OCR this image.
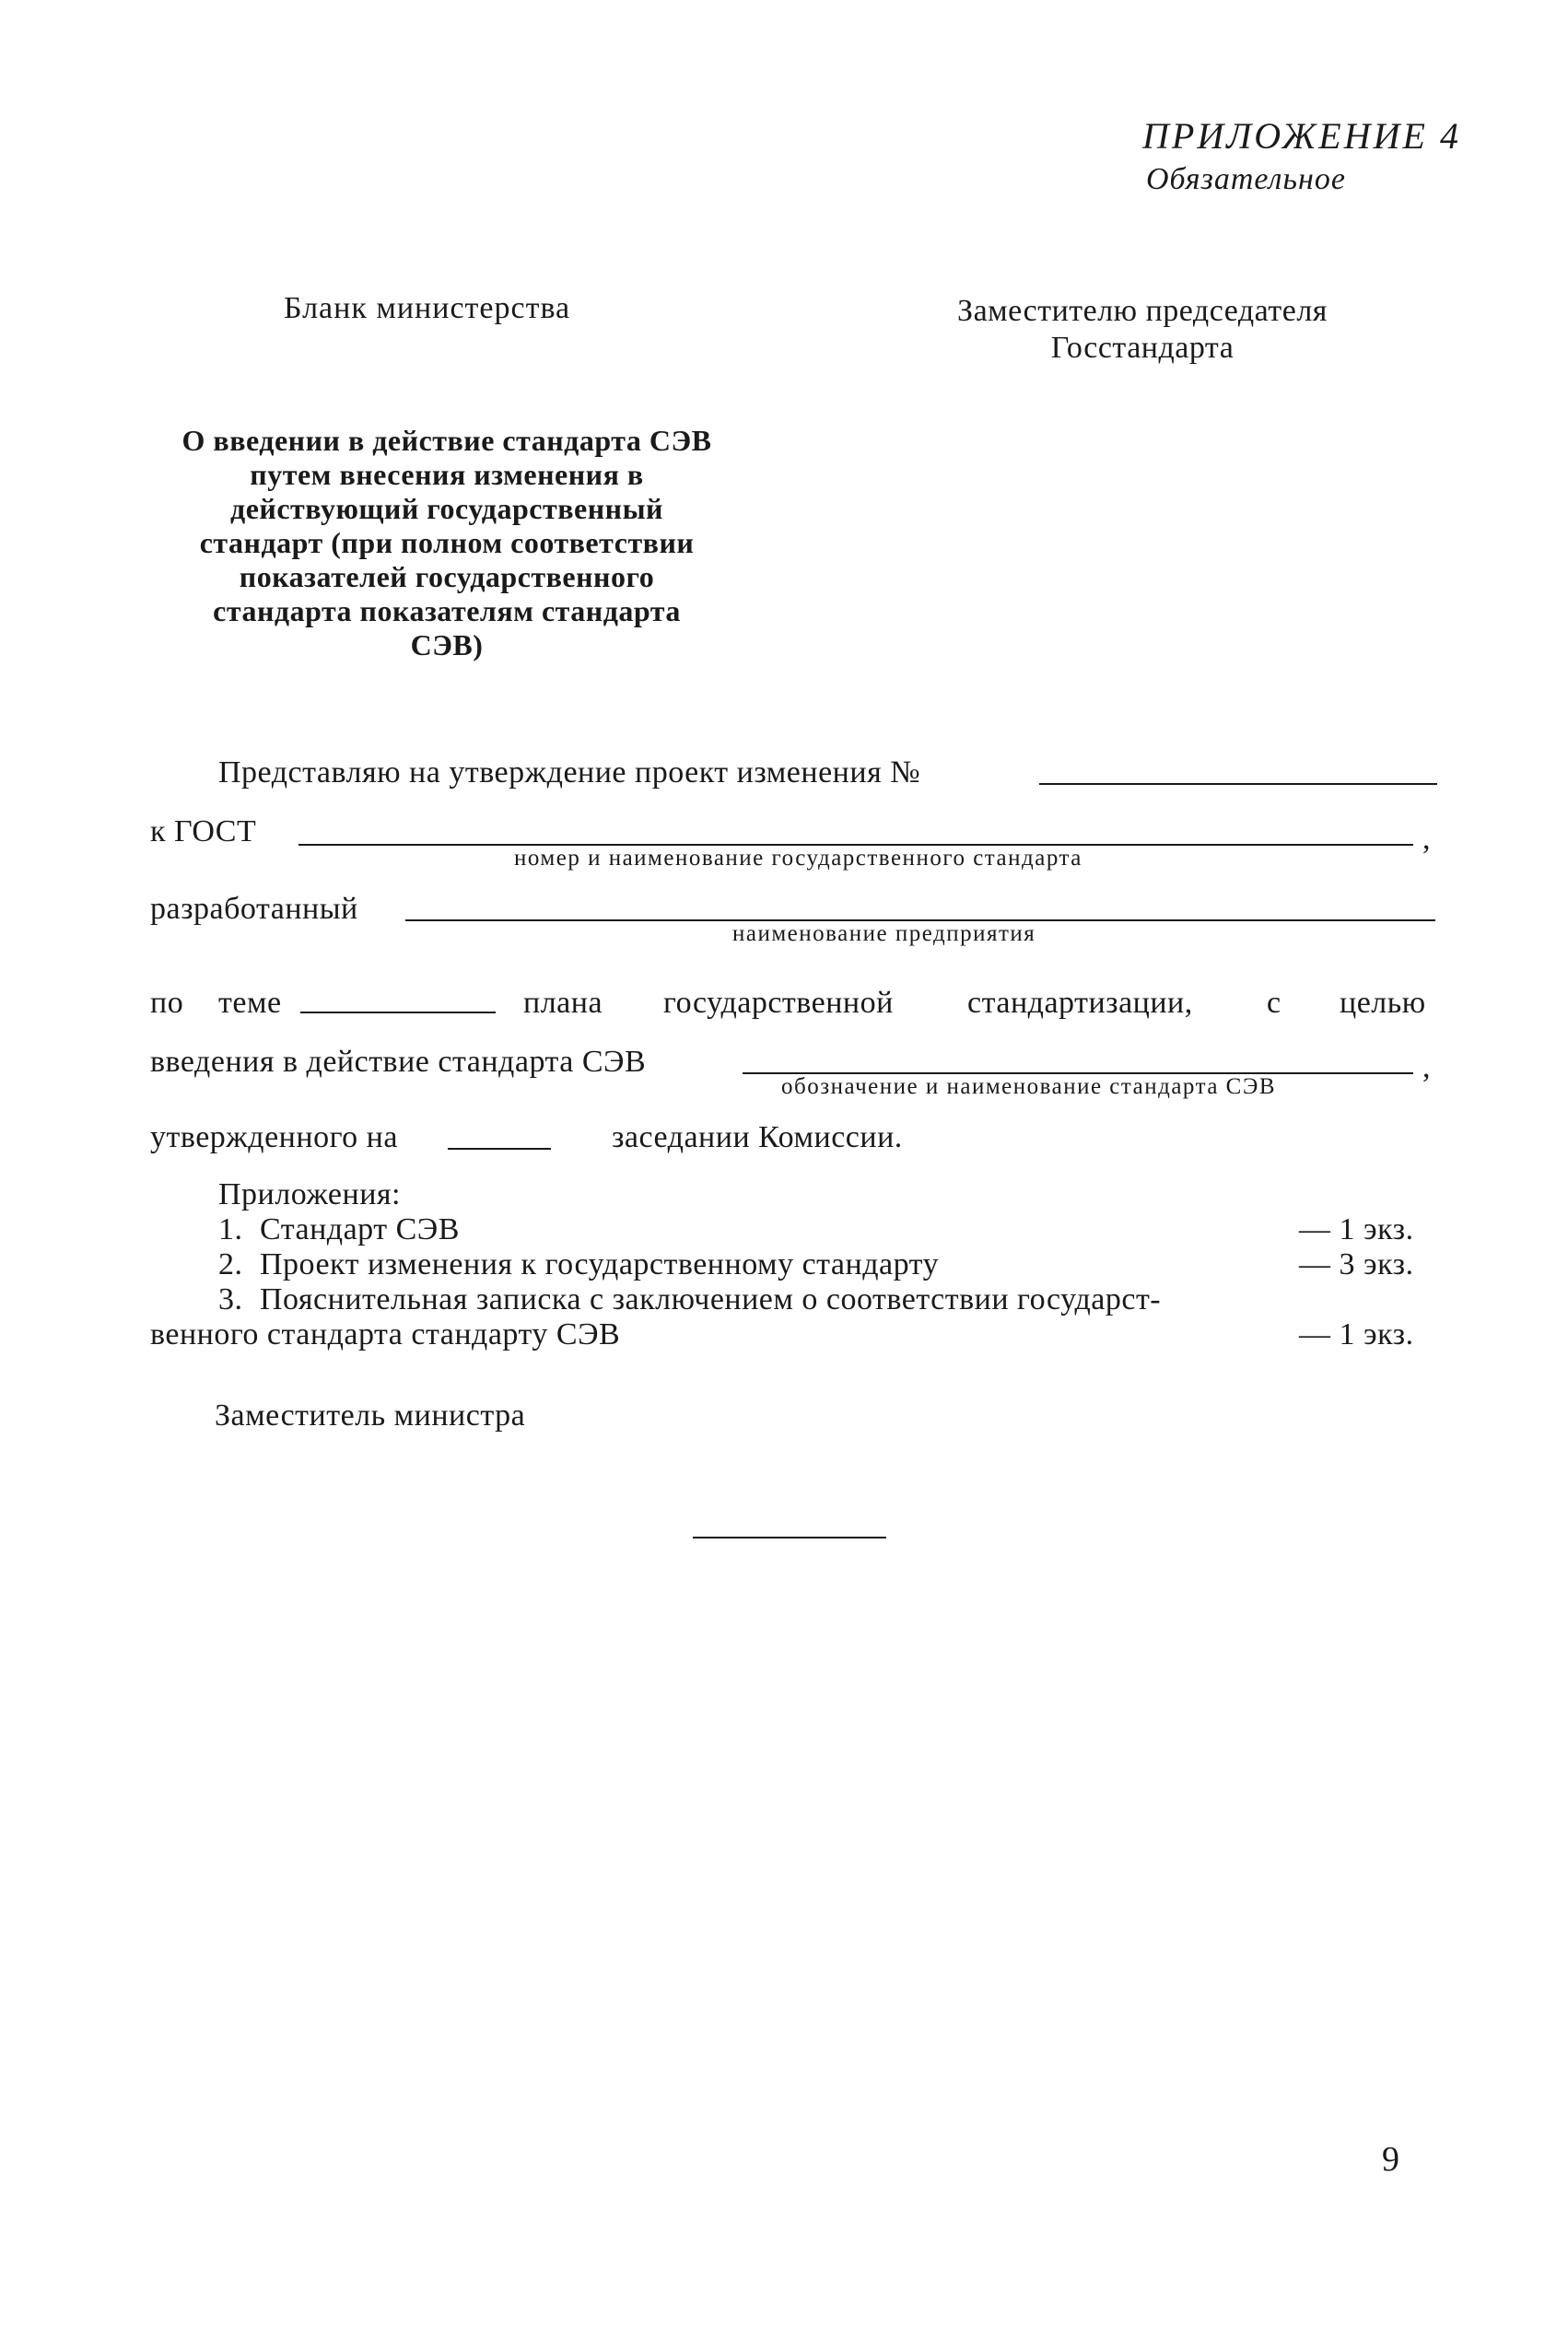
ПРИЛОЖЕНИЕ 4
Обязательное
Бланк министерства	Заместителю председателя
Госстандарта
О введении в действие стандарта СЭВ
путем внесения изменения в
действующий государственный
стандарт (при полном соответствии
показателей государственного
стандарта показателям стандарта
СЭВ)
Представляю на утверждение проект изменения №
к ГОСТ	,
номер и наименование государственного стандарта
разработанный
наименование предприятия
по теме	плана государственной стандартизации, с целью
введения в действие стандарта СЭВ	,
обозначение и наименование стандарта СЭВ
утвержденного на	заседании Комиссии.
Приложения:
1. Стандарт СЭВ	— 1 экз.
2. Проект изменения к государственному стандарту	— 3 экз.
3. Пояснительная записка с заключением о соответствии государст-
венного стандарта стандарту СЭВ	— 1 экз.
Заместитель министра
9
